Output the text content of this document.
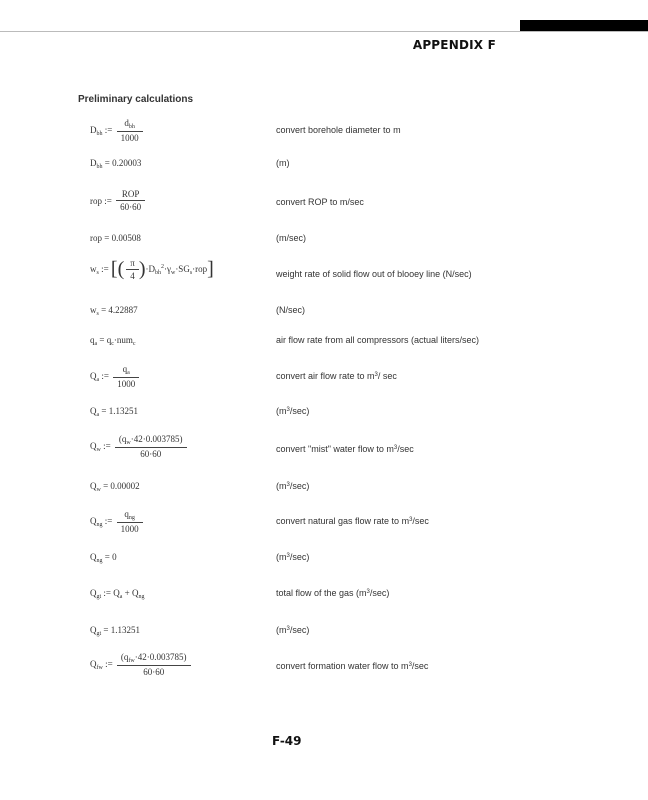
APPENDIX F
Preliminary calculations
$D_{bh}$ := $\frac{d_{bh}}{1000}$	convert borehole diameter to m
$D_{bh} = 0.20003$	(m)
rop := $\frac{\text{ROP}}{60\cdot 60}$	convert ROP to m/sec
rop = 0.00508	(m/sec)
$w_s$ := [( $\frac{\pi}{4} )\cdot D_{bh}^2\cdot\gamma_w\cdot SG_s\cdot rop$]	weight rate of solid flow out of blooey line (N/sec)
$w_s = 4.22887$	(N/sec)
$q_a = q_c\cdot num_c$	air flow rate from all compressors (actual liters/sec)
$Q_a$ := $\frac{q_a}{1000}$	convert air flow rate to $m^3/$ sec
$Q_a = 1.13251$	$(m^3/\sec)$
$Q_w$ := $\frac{(q_w\cdot 42\cdot 0.003785)}{60\cdot 60}$	convert "mist" water flow to $m^3/\sec$
$Q_w = 0.00002$	$(m^3/\sec)$
$Q_{ng}$ := $\frac{q_{ng}}{1000}$	convert natural gas flow rate to $m^3/\sec$
$Q_{ng} = 0$	$(m^3/\sec)$
$Q_{gt}$ := $Q_a + Q_{ng}$	total flow of the gas $(m^3/\sec)$
$Q_{gt} = 1.13251$	$(m^3/\sec)$
$Q_{fw}$ := $\frac{(q_{fw}\cdot 42\cdot 0.003785)}{60\cdot 60}$	convert formation water flow to $m^3/\sec$
F-49
